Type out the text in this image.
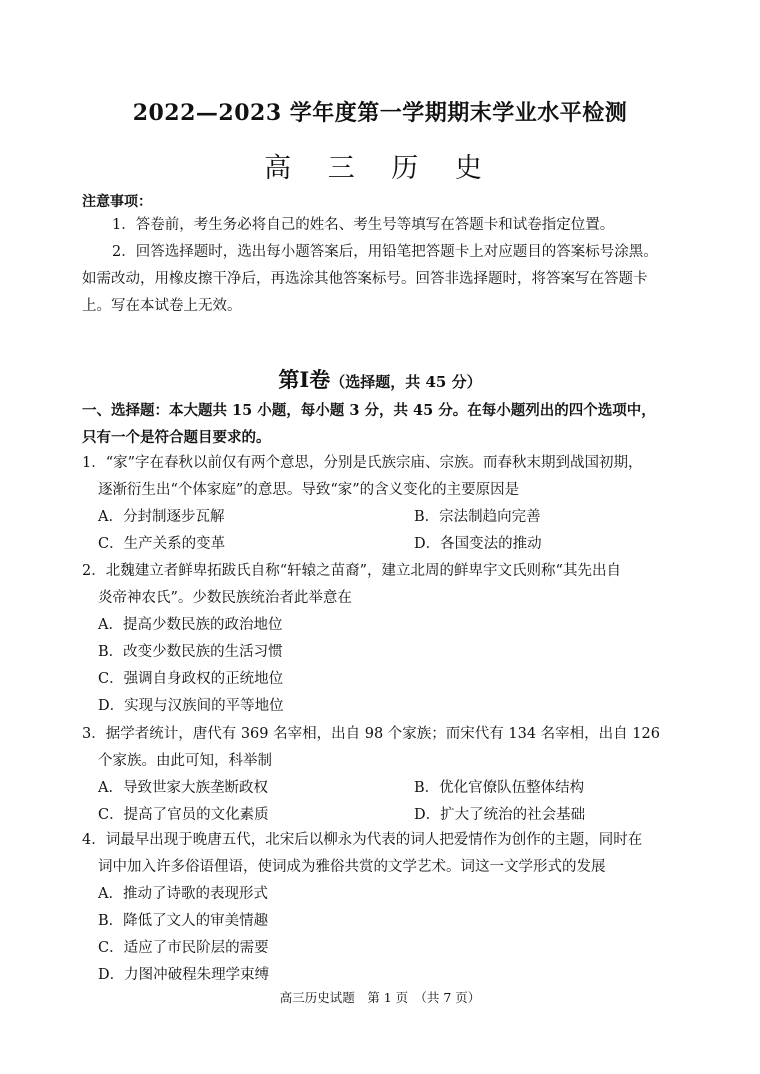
2022—2023 学年度第一学期期末学业水平检测
高 三 历 史
注意事项：
1．答卷前，考生务必将自己的姓名、考生号等填写在答题卡和试卷指定位置。
2．回答选择题时，选出每小题答案后，用铅笔把答题卡上对应题目的答案标号涂黑。
如需改动，用橡皮擦干净后，再选涂其他答案标号。回答非选择题时，将答案写在答题卡
上。写在本试卷上无效。
第Ⅰ卷（选择题，共 45 分）
一、选择题：本大题共 15 小题，每小题 3 分，共 45 分。在每小题列出的四个选项中，
只有一个是符合题目要求的。
1．“家”字在春秋以前仅有两个意思，分别是氏族宗庙、宗族。而春秋末期到战国初期，
逐渐衍生出“个体家庭”的意思。导致“家”的含义变化的主要原因是
A．分封制逐步瓦解	B．宗法制趋向完善
C．生产关系的变革	D．各国变法的推动
2．北魏建立者鲜卑拓跋氏自称“轩辕之苗裔”，建立北周的鲜卑宇文氏则称“其先出自
炎帝神农氏”。少数民族统治者此举意在
A．提高少数民族的政治地位
B．改变少数民族的生活习惯
C．强调自身政权的正统地位
D．实现与汉族间的平等地位
3．据学者统计，唐代有 369 名宰相，出自 98 个家族；而宋代有 134 名宰相，出自 126
个家族。由此可知，科举制
A．导致世家大族垄断政权	B．优化官僚队伍整体结构
C．提高了官员的文化素质	D．扩大了统治的社会基础
4．词最早出现于晚唐五代，北宋后以柳永为代表的词人把爱情作为创作的主题，同时在
词中加入许多俗语俚语，使词成为雅俗共赏的文学艺术。词这一文学形式的发展
A．推动了诗歌的表现形式
B．降低了文人的审美情趣
C．适应了市民阶层的需要
D．力图冲破程朱理学束缚
高三历史试题　第 1 页　（共 7 页）
